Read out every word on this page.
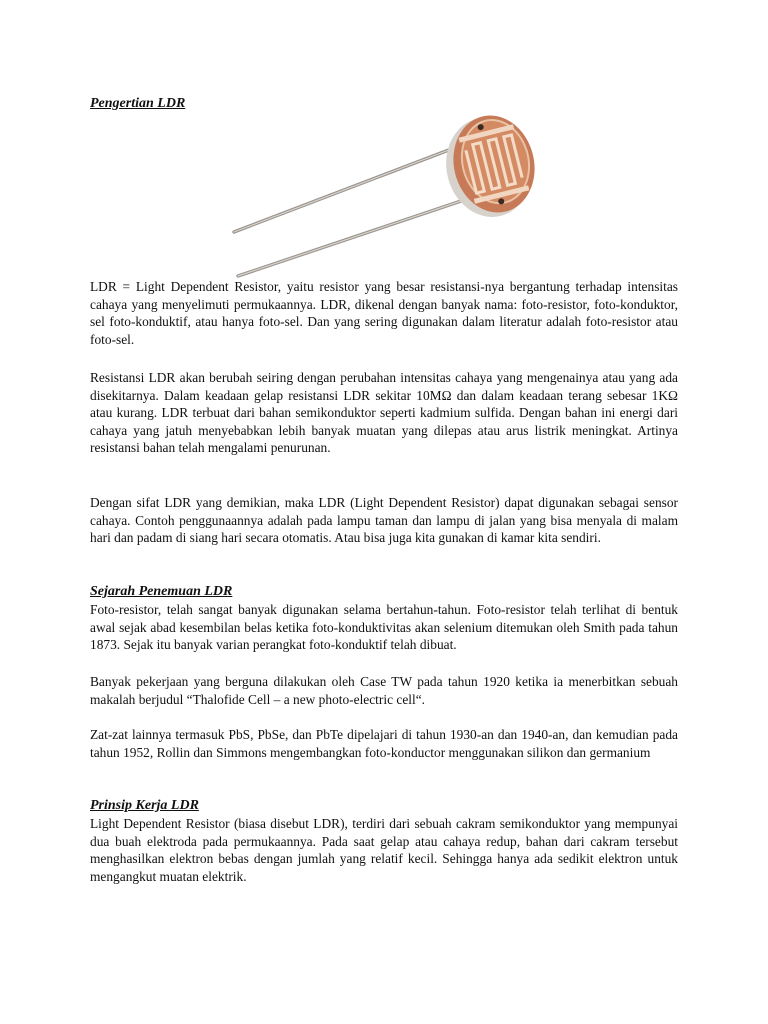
Pengertian LDR

LDR = Light Dependent Resistor, yaitu resistor yang besar resistansi-nya bergantung terhadap intensitas cahaya yang menyelimuti permukaannya. LDR, dikenal dengan banyak nama: foto-resistor, foto-konduktor, sel foto-konduktif, atau hanya foto-sel. Dan yang sering digunakan dalam literatur adalah foto-resistor atau foto-sel.

Resistansi LDR akan berubah seiring dengan perubahan intensitas cahaya yang mengenainya atau yang ada disekitarnya. Dalam keadaan gelap resistansi LDR sekitar 10MΩ dan dalam keadaan terang sebesar 1KΩ atau kurang. LDR terbuat dari bahan semikonduktor seperti kadmium sulfida. Dengan bahan ini energi dari cahaya yang jatuh menyebabkan lebih banyak muatan yang dilepas atau arus listrik meningkat. Artinya resistansi bahan telah mengalami penurunan.

Dengan sifat LDR yang demikian, maka LDR (Light Dependent Resistor) dapat digunakan sebagai sensor cahaya. Contoh penggunaannya adalah pada lampu taman dan lampu di jalan yang bisa menyala di malam hari dan padam di siang hari secara otomatis. Atau bisa juga kita gunakan di kamar kita sendiri.

Sejarah Penemuan LDR

Foto-resistor, telah sangat banyak digunakan selama bertahun-tahun. Foto-resistor telah terlihat di bentuk awal sejak abad kesembilan belas ketika foto-konduktivitas akan selenium ditemukan oleh Smith pada tahun 1873. Sejak itu banyak varian perangkat foto-konduktif telah dibuat.

Banyak pekerjaan yang berguna dilakukan oleh Case TW pada tahun 1920 ketika ia menerbitkan sebuah makalah berjudul “Thalofide Cell – a new photo-electric cell“.

Zat-zat lainnya termasuk PbS, PbSe, dan PbTe dipelajari di tahun 1930-an dan 1940-an, dan kemudian pada tahun 1952, Rollin dan Simmons mengembangkan foto-konductor menggunakan silikon dan germanium

Prinsip Kerja LDR

Light Dependent Resistor (biasa disebut LDR), terdiri dari sebuah cakram semikonduktor yang mempunyai dua buah elektroda pada permukaannya. Pada saat gelap atau cahaya redup, bahan dari cakram tersebut menghasilkan elektron bebas dengan jumlah yang relatif kecil. Sehingga hanya ada sedikit elektron untuk mengangkut muatan elektrik.
